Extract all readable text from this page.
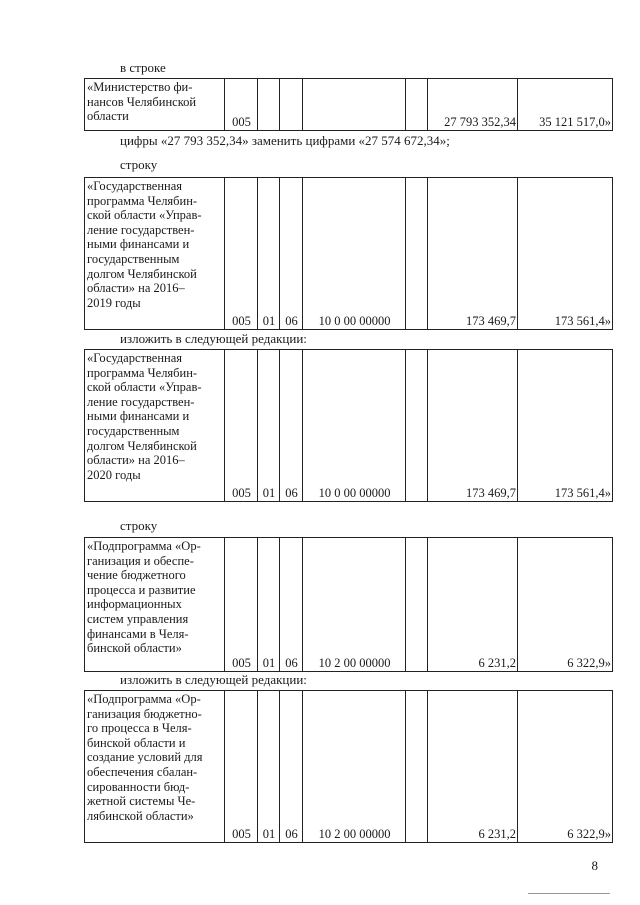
в строке
«Министерство фи-
нансов Челябинской
области	005					27 793 352,34	35 121 517,0»
цифры «27 793 352,34» заменить цифрами «27 574 672,34»;
строку
«Государственная
программа Челябин-
ской области «Управ-
ление государствен-
ными финансами и
государственным
долгом Челябинской
области» на 2016–
2019 годы
	005	01	06	10 0 00 00000		173 469,7	173 561,4»
изложить в следующей редакции:
«Государственная
программа Челябин-
ской области «Управ-
ление государствен-
ными финансами и
государственным
долгом Челябинской
области» на 2016–
2020 годы
	005	01	06	10 0 00 00000		173 469,7	173 561,4»
строку
«Подпрограмма «Ор-
ганизация и обеспе-
чение бюджетного
процесса и развитие
информационных
систем управления
финансами в Челя-
бинской области»
	005	01	06	10 2 00 00000		6 231,2	6 322,9»
изложить в следующей редакции:
«Подпрограмма «Ор-
ганизация бюджетно-
го процесса в Челя-
бинской области и
создание условий для
обеспечения сбалан-
сированности бюд-
жетной системы Че-
лябинской области»
	005	01	06	10 2 00 00000		6 231,2	6 322,9»
8
